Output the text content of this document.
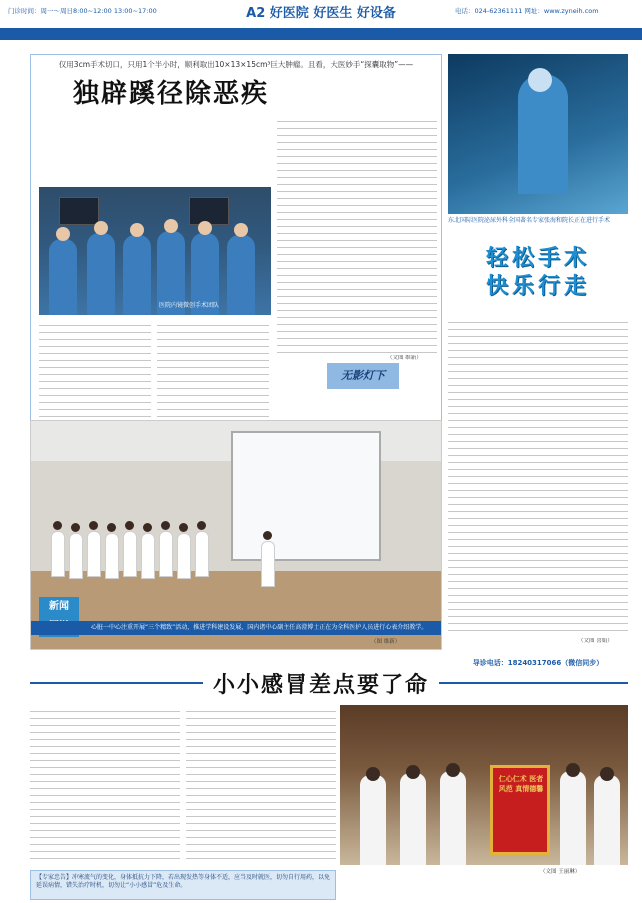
门诊时间：周一～周日8:00~12:00 13:00~17:00	A2 好医院 好医生 好设备	电话：024-62361111 网址：www.zyneih.com
仅用3cm手术切口，只用1个半小时，顺利取出10×13×15cm³巨大肿瘤。且看，大医妙手“探囊取物”——
独辟蹊径除恶疾
医院内镜微创手术团队
（文图 维新）
无影灯下
东北国际医院泌尿外科全国著名专家张海和院长正在进行手术
轻松手术
快乐行走
（文图 喜娟）
导诊电话：18240317066（微信同步）
新闻
心脏一中心注重开展“三个精致”活动，推进学科建设发展，国内诸中心副主任高澄博士正在为全科医护人员进行心表介绍教学。
（图 维新）
小小感冒差点要了命
仁心仁术 医者风范 真情德馨
（文图 王丽琳）
【专家忠告】冲寒流气的变化，身体抵抗力下降，若出现发热等身体不适，应当及时就医，切勿自行用药，以免延误病情，错失治疗时机，切勿让“小小感冒”危及生命。
